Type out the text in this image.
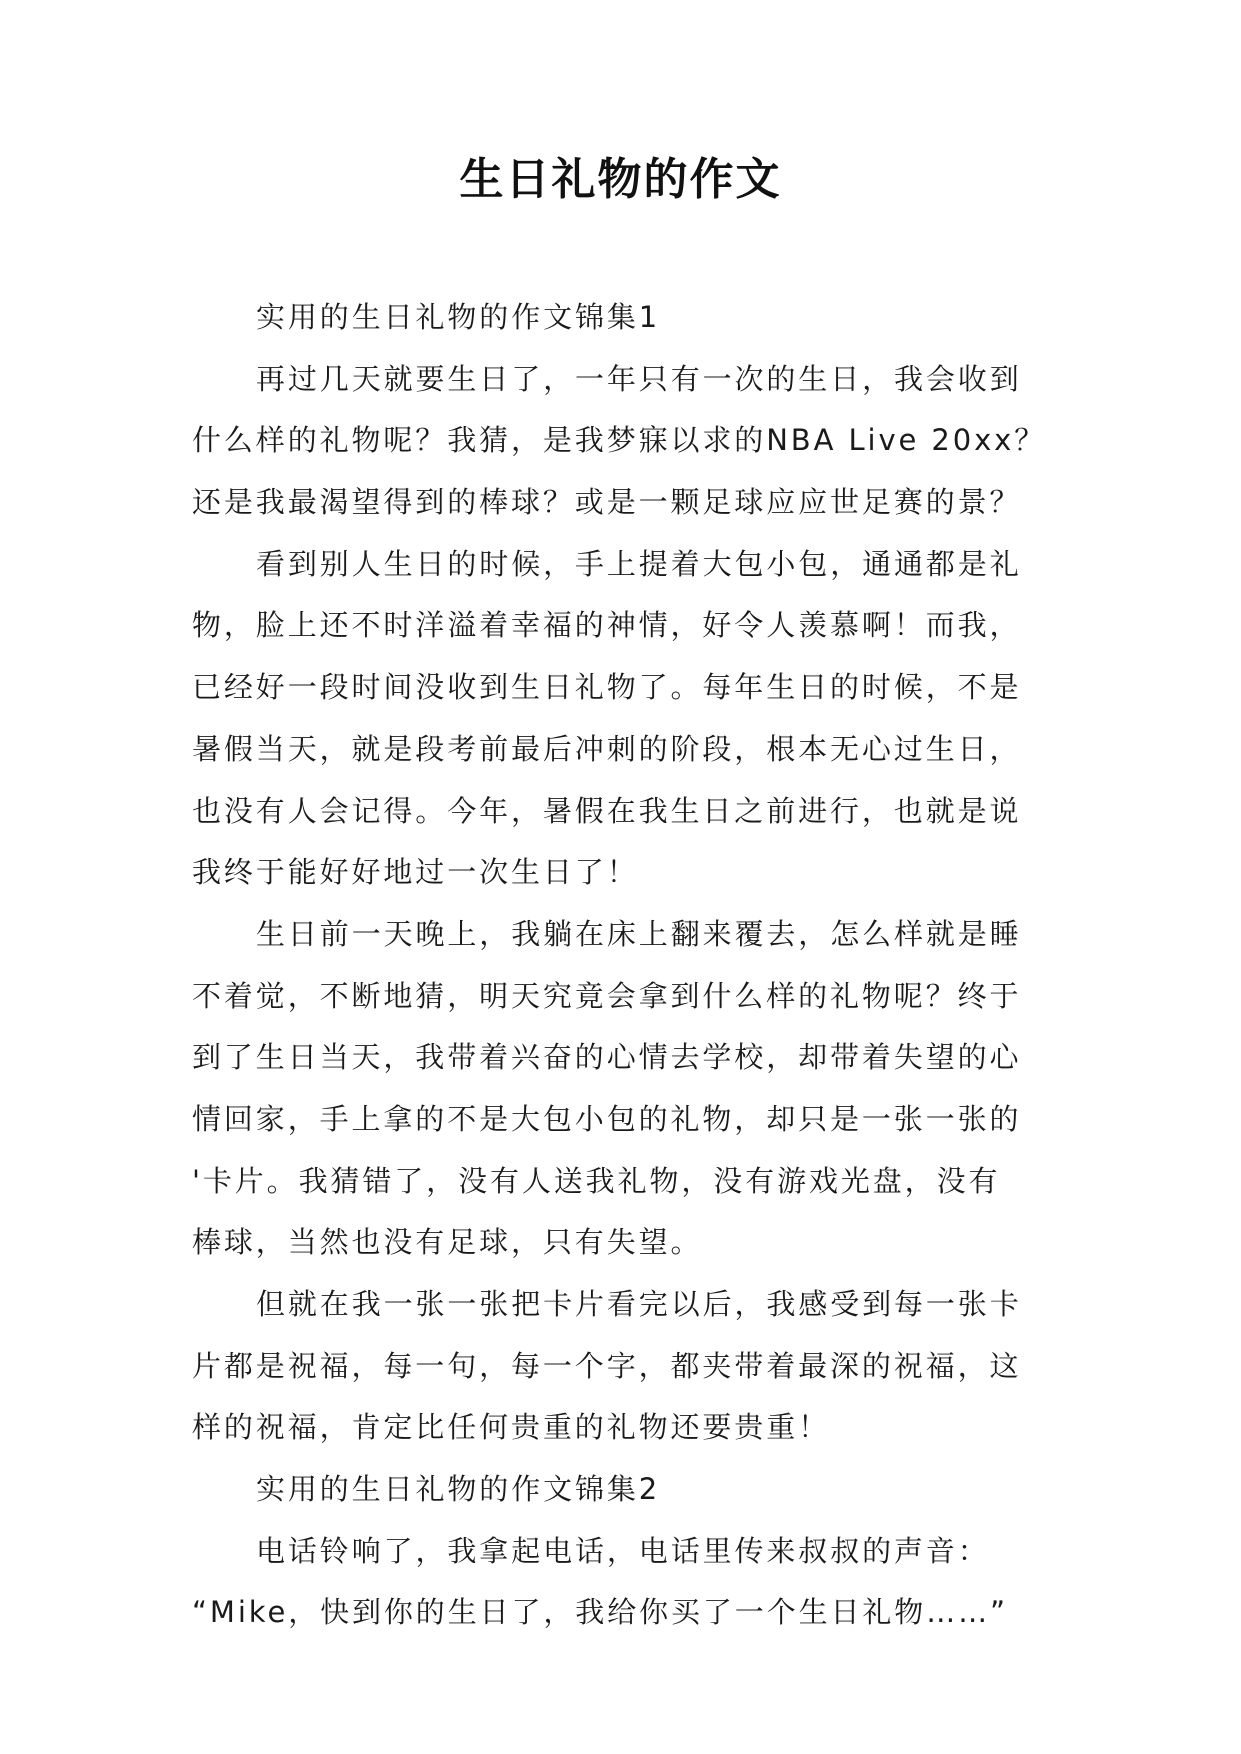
生日礼物的作文
实用的生日礼物的作文锦集1
再过几天就要生日了，一年只有一次的生日，我会收到
什么样的礼物呢？我猜，是我梦寐以求的NBA Live 20xx？
还是我最渴望得到的棒球？或是一颗足球应应世足赛的景？
看到别人生日的时候，手上提着大包小包，通通都是礼
物，脸上还不时洋溢着幸福的神情，好令人羡慕啊！而我，
已经好一段时间没收到生日礼物了。每年生日的时候，不是
暑假当天，就是段考前最后冲刺的阶段，根本无心过生日，
也没有人会记得。今年，暑假在我生日之前进行，也就是说
我终于能好好地过一次生日了！
生日前一天晚上，我躺在床上翻来覆去，怎么样就是睡
不着觉，不断地猜，明天究竟会拿到什么样的礼物呢？终于
到了生日当天，我带着兴奋的心情去学校，却带着失望的心
情回家，手上拿的不是大包小包的礼物，却只是一张一张的
'卡片。我猜错了，没有人送我礼物，没有游戏光盘，没有
棒球，当然也没有足球，只有失望。
但就在我一张一张把卡片看完以后，我感受到每一张卡
片都是祝福，每一句，每一个字，都夹带着最深的祝福，这
样的祝福，肯定比任何贵重的礼物还要贵重！
实用的生日礼物的作文锦集2
电话铃响了，我拿起电话，电话里传来叔叔的声音：
“Mike，快到你的生日了，我给你买了一个生日礼物……”
